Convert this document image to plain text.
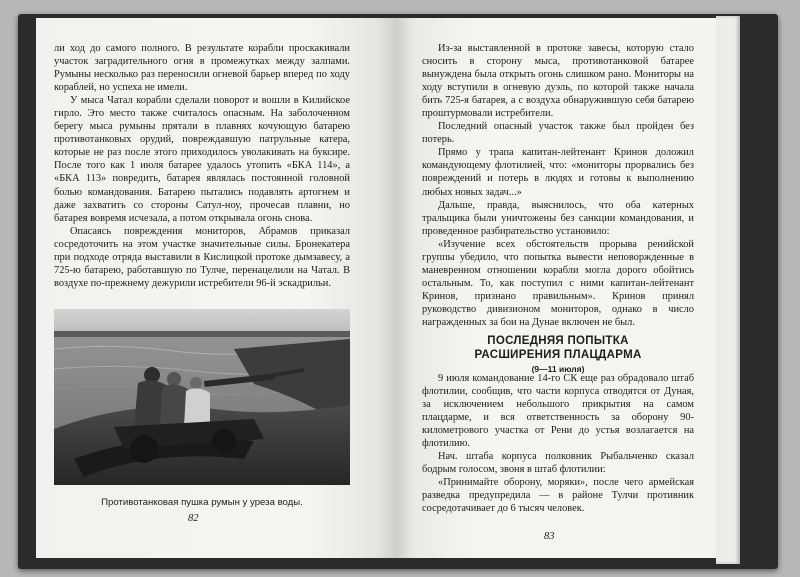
ли ход до самого полного. В результате корабли проскакивали участок заградительного огня в промежутках между залпами. Румыны несколько раз переносили огневой барьер вперед по ходу кораблей, но успеха не имели.

У мыса Чатал корабли сделали поворот и вошли в Килийское гирло. Это место также считалось опасным. На заболоченном берегу мыса румыны прятали в плавнях кочующую батарею противотанковых орудий, повреждавшую патрульные катера, которые не раз после этого приходилось уволакивать на буксире. После того как 1 июля батарее удалось утопить «БКА 114», а «БКА 113» повредить, батарея являлась постоянной головной болью командования. Батарею пытались подавлять артогнем и даже захватить со стороны Сатул-ноу, прочесав плавни, но батарея вовремя исчезала, а потом открывала огонь снова.

Опасаясь повреждения мониторов, Абрамов приказал сосредоточить на этом участке значительные силы. Бронекатера при подходе отряда выставили в Кислицкой протоке дымзавесу, а 725-ю батарею, работавшую по Тулче, перенацелили на Чатал. В воздухе по-прежнему дежурили истребители 96-й эскадрильи.

Противотанковая пушка румын у уреза воды.
82

Из-за выставленной в протоке завесы, которую стало сносить в сторону мыса, противотанковой батарее вынуждена была открыть огонь слишком рано. Мониторы на ходу вступили в огневую дуэль, по которой также начала бить 725-я батарея, а с воздуха обнаружившую себя батарею проштурмовали истребители.

Последний опасный участок также был пройден без потерь.

Прямо у трапа капитан-лейтенант Кринов доложил командующему флотилией, что: «мониторы прорвались без повреждений и потерь в людях и готовы к выполнению любых новых задач...»

Дальше, правда, выяснилось, что оба катерных тральщика были уничтожены без санкции командования, и проведенное разбирательство установило:

«Изучение всех обстоятельств прорыва ренийской группы убедило, что попытка вывести неповоржденные в маневренном отношении корабли могла дорого обойтись остальным. То, как поступил с ними капитан-лейтенант Кринов, признано правильным». Кринов принял руководство дивизионом мониторов, однако в число награжденных за бои на Дунае включен не был.

ПОСЛЕДНЯЯ ПОПЫТКА
РАСШИРЕНИЯ ПЛАЦДАРМА
(9—11 июля)

9 июля командование 14-го СК еще раз обрадовало штаб флотилии, сообщив, что части корпуса отводятся от Дуная, за исключением небольшого прикрытия на самом плацдарме, и вся ответственность за оборону 90-километрового участка от Рени до устья возлагается на флотилию.

Нач. штаба корпуса полковник Рыбальченко сказал бодрым голосом, звоня в штаб флотилии:

«Принимайте оборону, моряки», после чего армейская разведка предупредила — в районе Тулчи противник сосредотачивает до 6 тысяч человек.

83
